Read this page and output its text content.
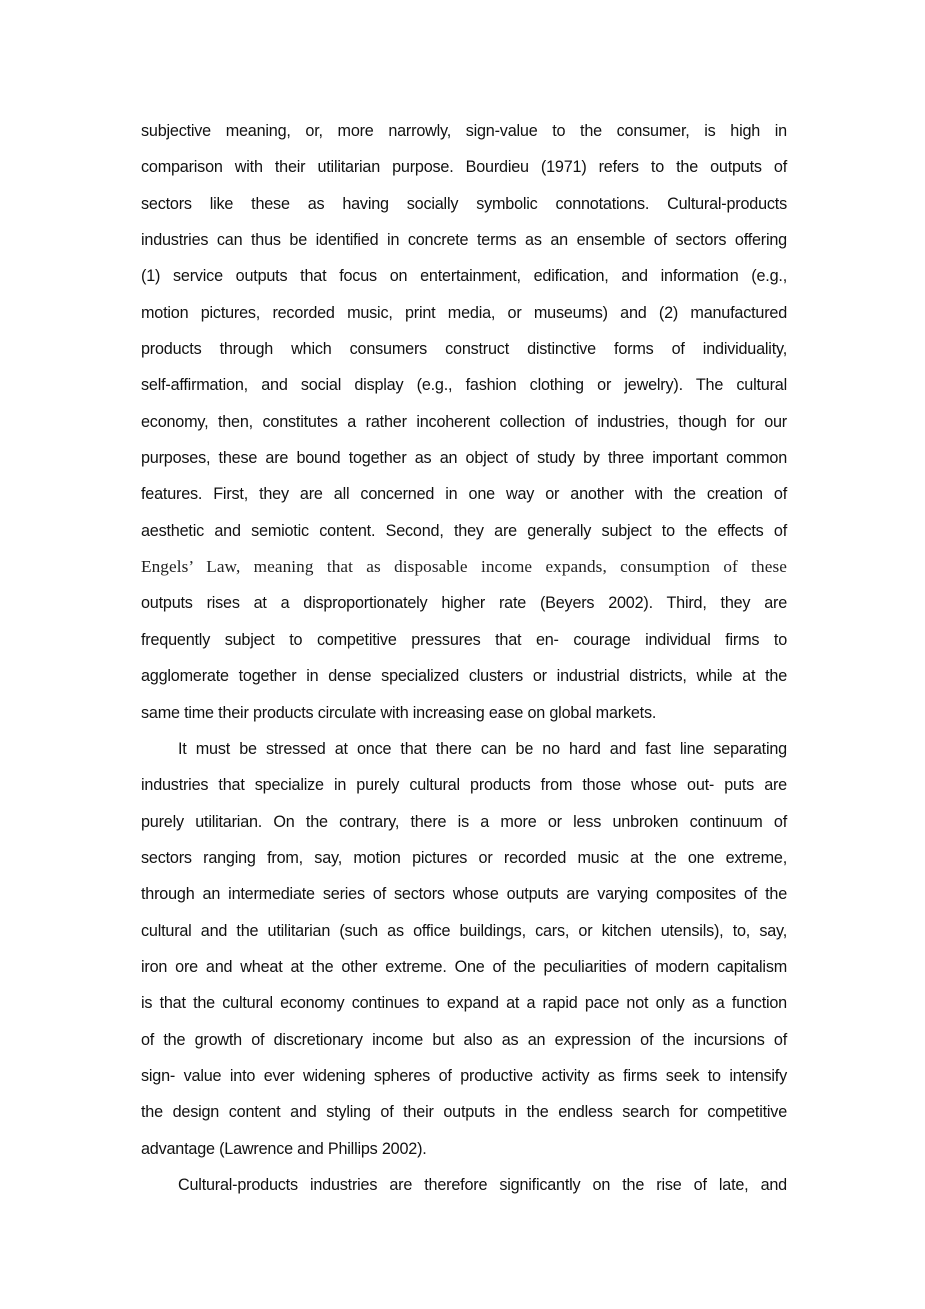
subjective meaning, or, more narrowly, sign-value to the consumer, is high in
comparison with their utilitarian purpose. Bourdieu (1971) refers to the outputs of
sectors like these as having socially symbolic connotations. Cultural-products
industries can thus be identified in concrete terms as an ensemble of sectors offering
(1) service outputs that focus on entertainment, edification, and information (e.g.,
motion pictures, recorded music, print media, or museums) and (2) manufactured
products through which consumers construct distinctive forms of individuality,
self-affirmation, and social display (e.g., fashion clothing or jewelry). The cultural
economy, then, constitutes a rather incoherent collection of industries, though for our
purposes, these are bound together as an object of study by three important common
features. First, they are all concerned in one way or another with the creation of
aesthetic and semiotic content. Second, they are generally subject to the effects of
Engels’ Law, meaning that as disposable income expands, consumption of these
outputs rises at a disproportionately higher rate (Beyers 2002). Third, they are
frequently subject to competitive pressures that en- courage individual firms to
agglomerate together in dense specialized clusters or industrial districts, while at the
same time their products circulate with increasing ease on global markets.
It must be stressed at once that there can be no hard and fast line separating
industries that specialize in purely cultural products from those whose out- puts are
purely utilitarian. On the contrary, there is a more or less unbroken continuum of
sectors ranging from, say, motion pictures or recorded music at the one extreme,
through an intermediate series of sectors whose outputs are varying composites of the
cultural and the utilitarian (such as office buildings, cars, or kitchen utensils), to, say,
iron ore and wheat at the other extreme. One of the peculiarities of modern capitalism
is that the cultural economy continues to expand at a rapid pace not only as a function
of the growth of discretionary income but also as an expression of the incursions of
sign- value into ever widening spheres of productive activity as firms seek to intensify
the design content and styling of their outputs in the endless search for competitive
advantage (Lawrence and Phillips 2002).
Cultural-products industries are therefore significantly on the rise of late, and
